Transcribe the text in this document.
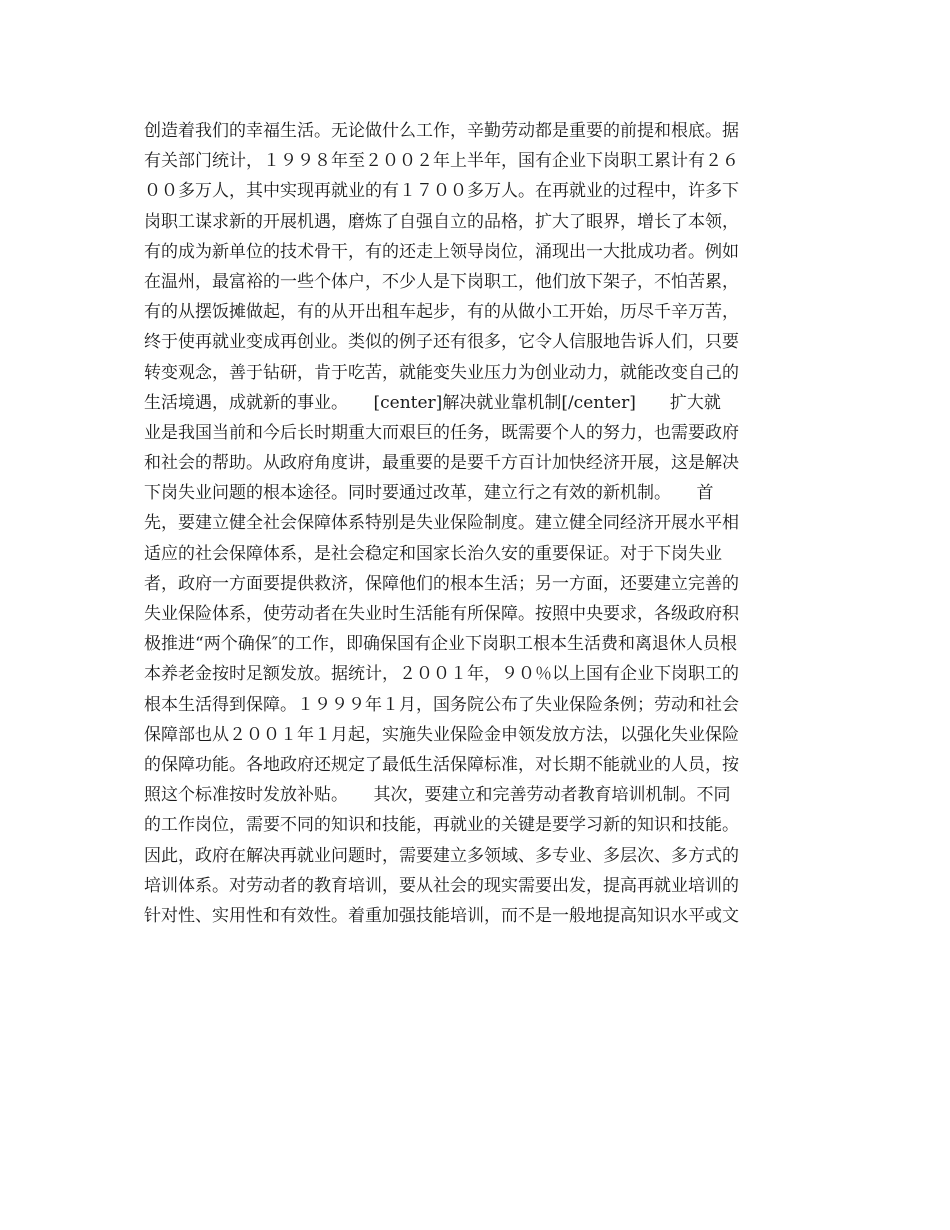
创造着我们的幸福生活。无论做什么工作，辛勤劳动都是重要的前提和根底。据
有关部门统计，１９９８年至２００２年上半年，国有企业下岗职工累计有２６
００多万人，其中实现再就业的有１７００多万人。在再就业的过程中，许多下
岗职工谋求新的开展机遇，磨炼了自强自立的品格，扩大了眼界，增长了本领，
有的成为新单位的技术骨干，有的还走上领导岗位，涌现出一大批成功者。例如
在温州，最富裕的一些个体户，不少人是下岗职工，他们放下架子，不怕苦累，
有的从摆饭摊做起，有的从开出租车起步，有的从做小工开始，历尽千辛万苦，
终于使再就业变成再创业。类似的例子还有很多，它令人信服地告诉人们，只要
转变观念，善于钻研，肯于吃苦，就能变失业压力为创业动力，就能改变自己的
生活境遇，成就新的事业。　　[center]解决就业靠机制[/center]　　扩大就
业是我国当前和今后长时期重大而艰巨的任务，既需要个人的努力，也需要政府
和社会的帮助。从政府角度讲，最重要的是要千方百计加快经济开展，这是解决
下岗失业问题的根本途径。同时要通过改革，建立行之有效的新机制。　　首
先，要建立健全社会保障体系特别是失业保险制度。建立健全同经济开展水平相
适应的社会保障体系，是社会稳定和国家长治久安的重要保证。对于下岗失业
者，政府一方面要提供救济，保障他们的根本生活；另一方面，还要建立完善的
失业保险体系，使劳动者在失业时生活能有所保障。按照中央要求，各级政府积
极推进“两个确保″的工作，即确保国有企业下岗职工根本生活费和离退休人员根
本养老金按时足额发放。据统计，２００１年，９０％以上国有企业下岗职工的
根本生活得到保障。１９９９年１月，国务院公布了失业保险条例；劳动和社会
保障部也从２００１年１月起，实施失业保险金申领发放方法，以强化失业保险
的保障功能。各地政府还规定了最低生活保障标准，对长期不能就业的人员，按
照这个标准按时发放补贴。　　其次，要建立和完善劳动者教育培训机制。不同
的工作岗位，需要不同的知识和技能，再就业的关键是要学习新的知识和技能。
因此，政府在解决再就业问题时，需要建立多领域、多专业、多层次、多方式的
培训体系。对劳动者的教育培训，要从社会的现实需要出发，提高再就业培训的
针对性、实用性和有效性。着重加强技能培训，而不是一般地提高知识水平或文
